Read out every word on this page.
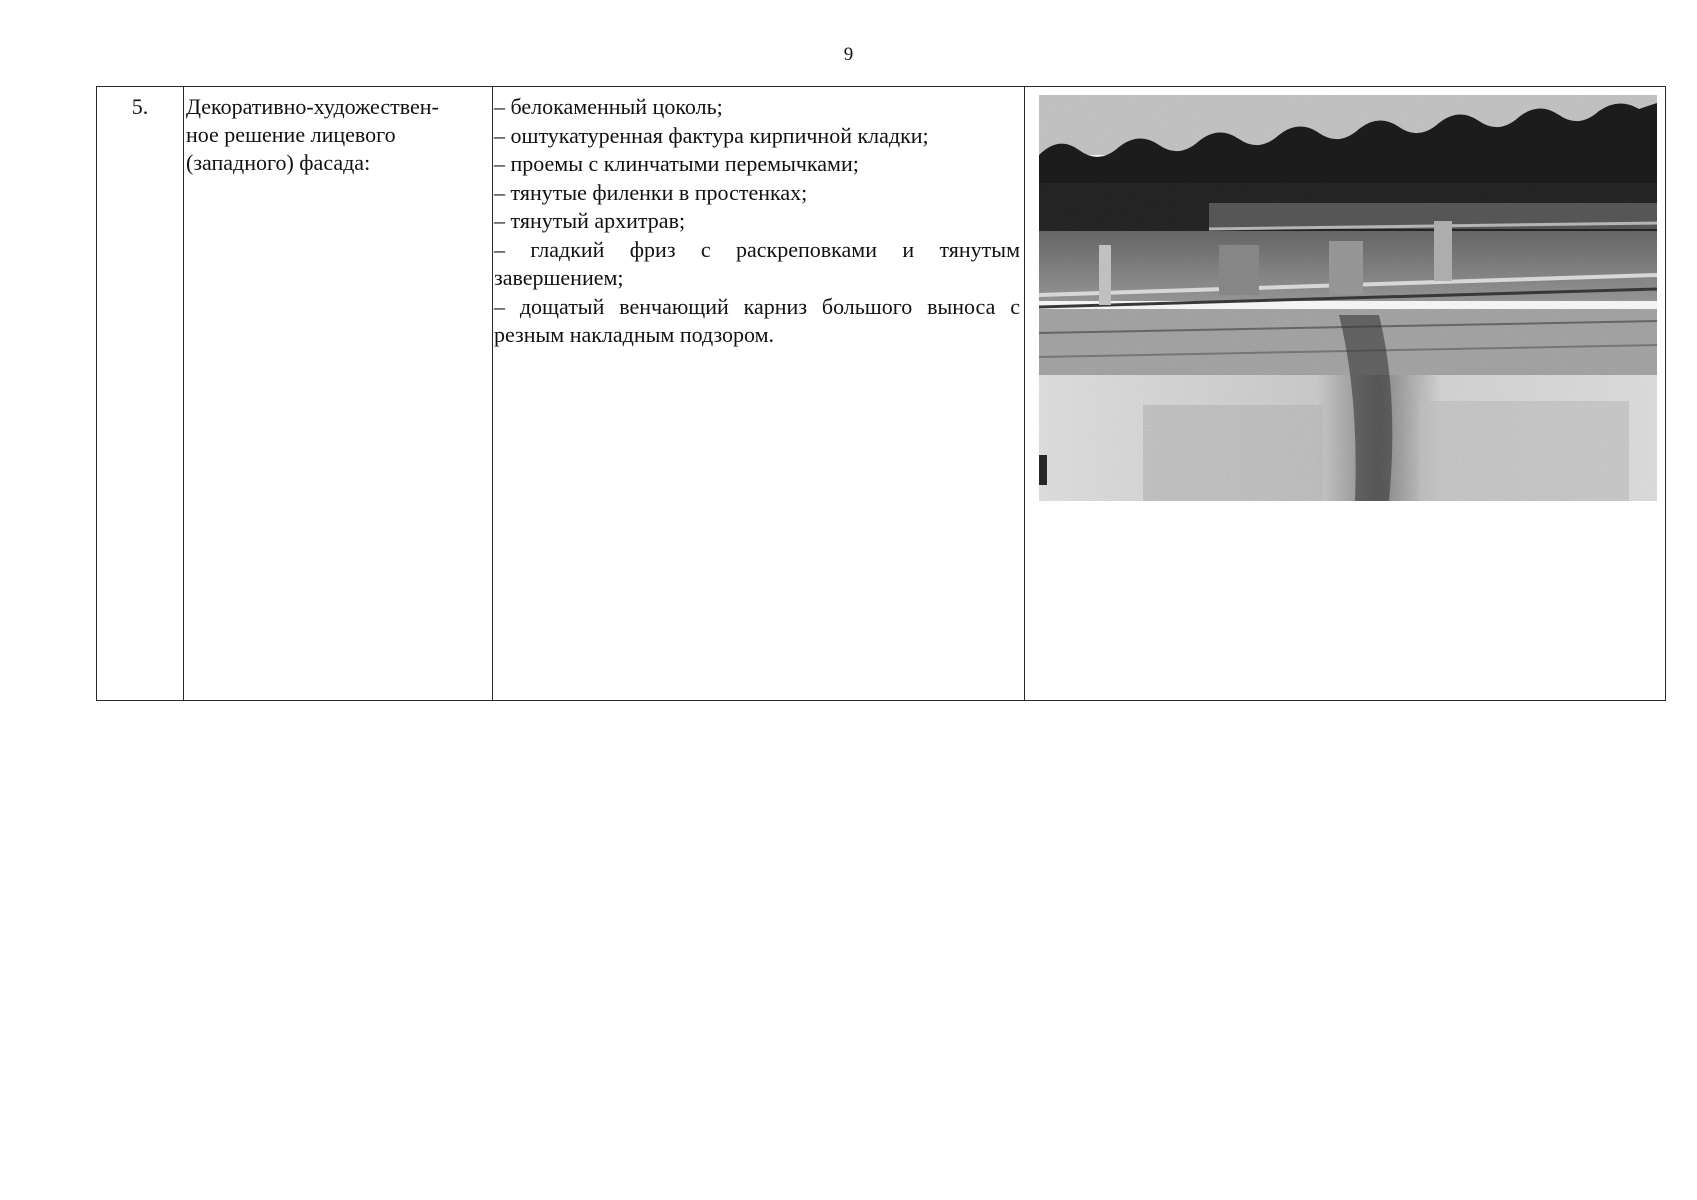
9
5.	Декоративно-художествен-
ное решение лицевого
(западного) фасада:
– белокаменный цоколь;
– оштукатуренная фактура кирпичной кладки;
– проемы с клинчатыми перемычками;
– тянутые филенки в простенках;
– тянутый архитрав;
– гладкий фриз с раскреповками и тянутым
завершением;
– дощатый венчающий карниз большого выноса с
резным накладным подзором.
